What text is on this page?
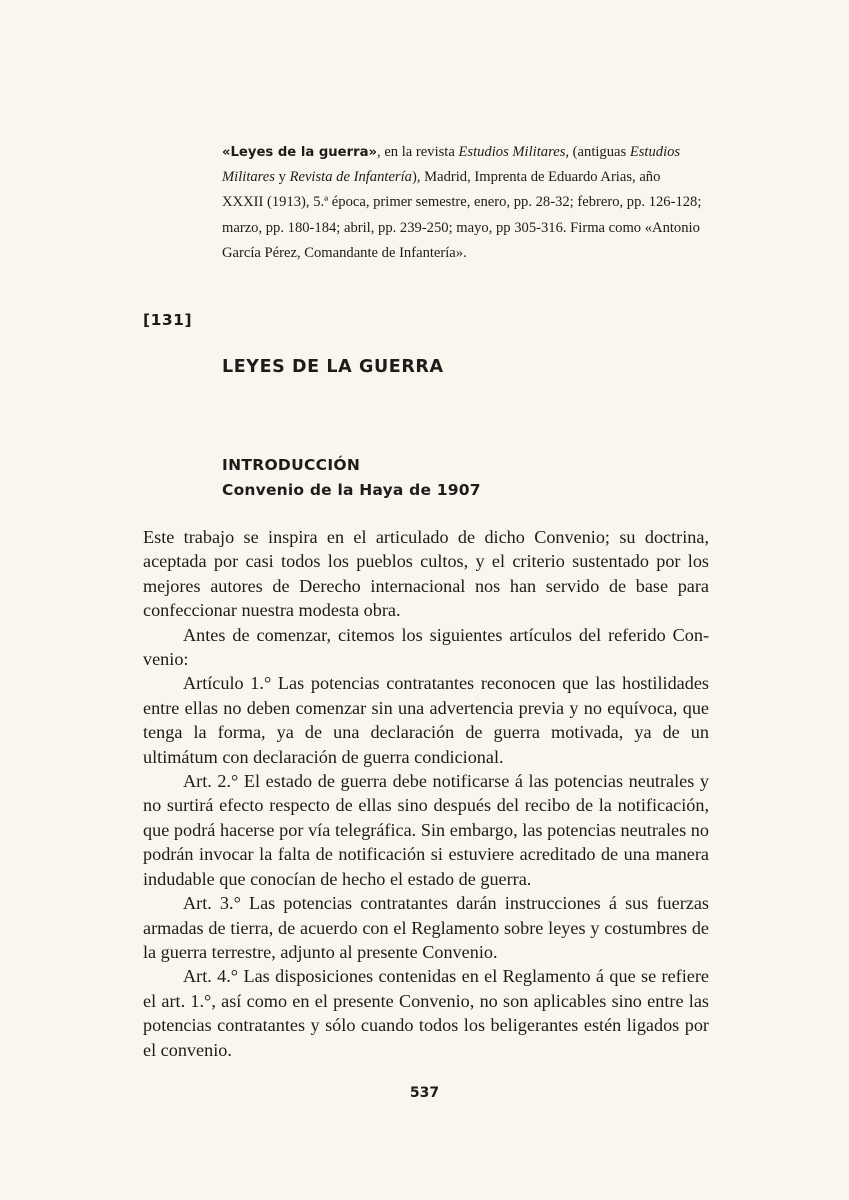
«Leyes de la guerra», en la revista Estudios Militares, (antiguas Estudios Militares y Revista de Infantería), Madrid, Imprenta de Eduardo Arias, año XXXII (1913), 5.ª época, primer semestre, enero, pp. 28-32; febrero, pp. 126-128; marzo, pp. 180-184; abril, pp. 239-250; mayo, pp 305-316. Firma como «Antonio García Pérez, Comandante de Infantería».
[131]
LEYES DE LA GUERRA
INTRODUCCIÓN
Convenio de la Haya de 1907

Este trabajo se inspira en el articulado de dicho Convenio; su doctrina, aceptada por casi todos los pueblos cultos, y el criterio sustentado por los mejores autores de Derecho internacional nos han servido de base para confeccionar nuestra modesta obra.

Antes de comenzar, citemos los siguientes artículos del referido Convenio:

Artículo 1.° Las potencias contratantes reconocen que las hostilidades entre ellas no deben comenzar sin una advertencia previa y no equívoca, que tenga la forma, ya de una declaración de guerra motivada, ya de un ultimátum con declaración de guerra condicional.

Art. 2.° El estado de guerra debe notificarse á las potencias neutrales y no surtirá efecto respecto de ellas sino después del recibo de la notificación, que podrá hacerse por vía telegráfica. Sin embargo, las potencias neutrales no podrán invocar la falta de notificación si estuviere acreditado de una manera indudable que conocían de hecho el estado de guerra.

Art. 3.° Las potencias contratantes darán instrucciones á sus fuerzas armadas de tierra, de acuerdo con el Reglamento sobre leyes y costumbres de la guerra terrestre, adjunto al presente Convenio.

Art. 4.° Las disposiciones contenidas en el Reglamento á que se refiere el art. 1.°, así como en el presente Convenio, no son aplicables sino entre las potencias contratantes y sólo cuando todos los beligerantes estén ligados por el convenio.

537
